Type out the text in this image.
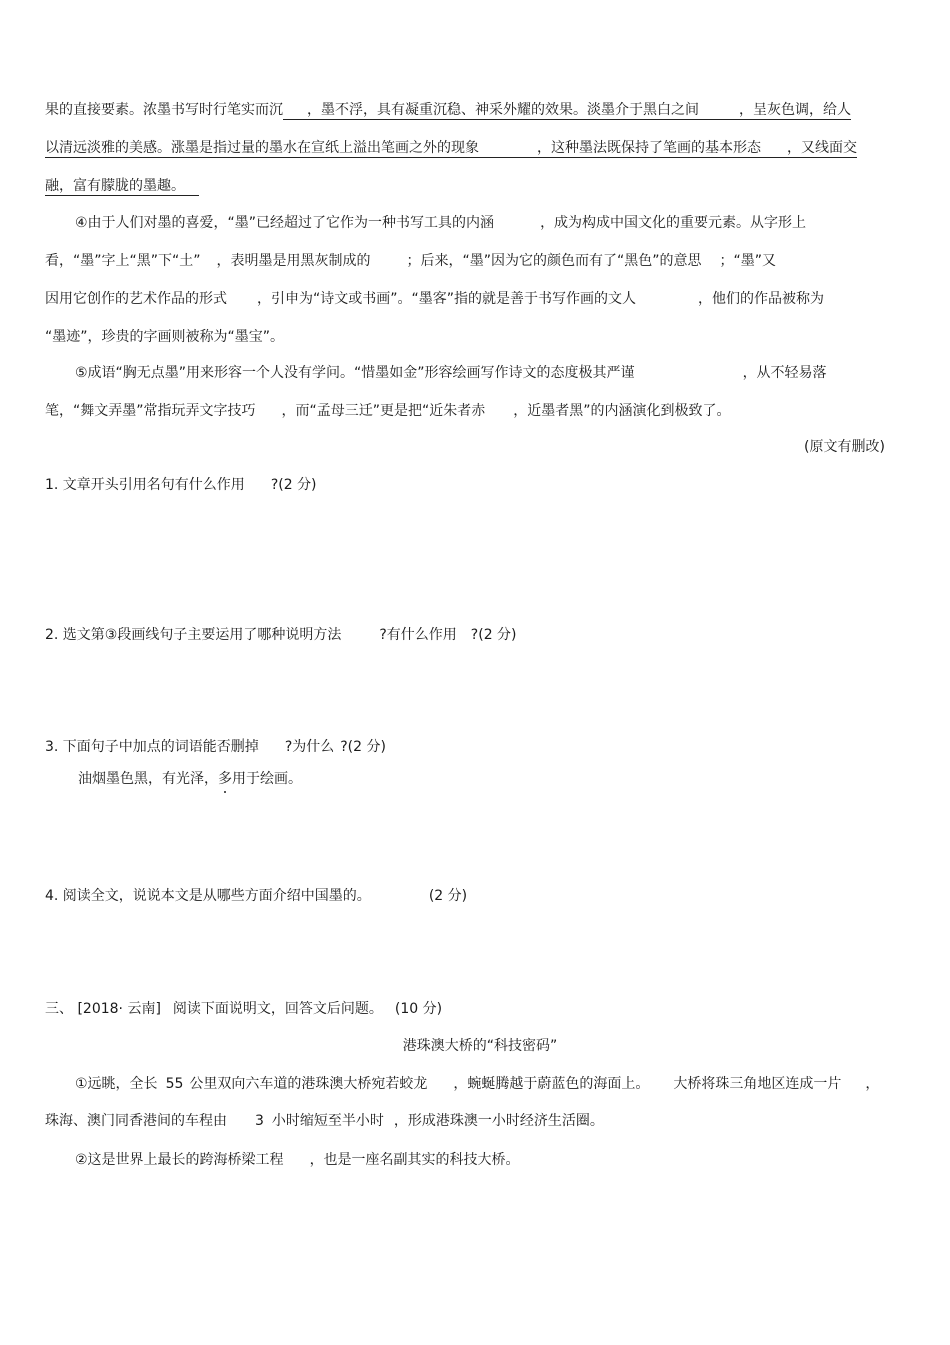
果的直接要素。浓墨书写时行笔实而沉 ，墨不浮，具有凝重沉稳、神采外耀的效果。淡墨介于黑白之间	，呈灰色调，给人
以清远淡雅的美感。涨墨是指过量的墨水在宣纸上溢出笔画之外的现象	，这种墨法既保持了笔画的基本形态 ，又线面交
融，富有朦胧的墨趣。
④由于人们对墨的喜爱，“墨”已经超过了它作为一种书写工具的内涵	，成为构成中国文化的重要元素。从字形上
看，“墨”字上“黑”下“土” ，表明墨是用黑灰制成的	；后来，“墨”因为它的颜色而有了“黑色”的意思 ；“墨”又
因用它创作的艺术作品的形式 ，引申为“诗文或书画”。“墨客”指的就是善于书写作画的文人	，他们的作品被称为
“墨迹”，珍贵的字画则被称为“墨宝”。
⑤成语“胸无点墨”用来形容一个人没有学问。“惜墨如金”形容绘画写作诗文的态度极其严谨	，从不轻易落
笔，“舞文弄墨”常指玩弄文字技巧 ，而“孟母三迁”更是把“近朱者赤 ，近墨者黑”的内涵演化到极致了。
(原文有删改)
1. 文章开头引用名句有什么作用 ?(2 分)
2. 选文第③段画线句子主要运用了哪种说明方法	?有什么作用 ?(2 分)
3. 下面句子中加点的词语能否删掉 ?为什么 ?(2 分)
油烟墨色黑，有光泽，多用于绘画。
4. 阅读全文，说说本文是从哪些方面介绍中国墨的。	(2 分)
三、 [2018· 云南] 阅读下面说明文，回答文后问题。 (10 分)
港珠澳大桥的“科技密码”
①远眺，全长 55 公里双向六车道的港珠澳大桥宛若蛟龙 ，蜿蜒腾越于蔚蓝色的海面上。 大桥将珠三角地区连成一片 ，
珠海、澳门同香港间的车程由 3 小时缩短至半小时 ，形成港珠澳一小时经济生活圈。
②这是世界上最长的跨海桥梁工程 ，也是一座名副其实的科技大桥。
